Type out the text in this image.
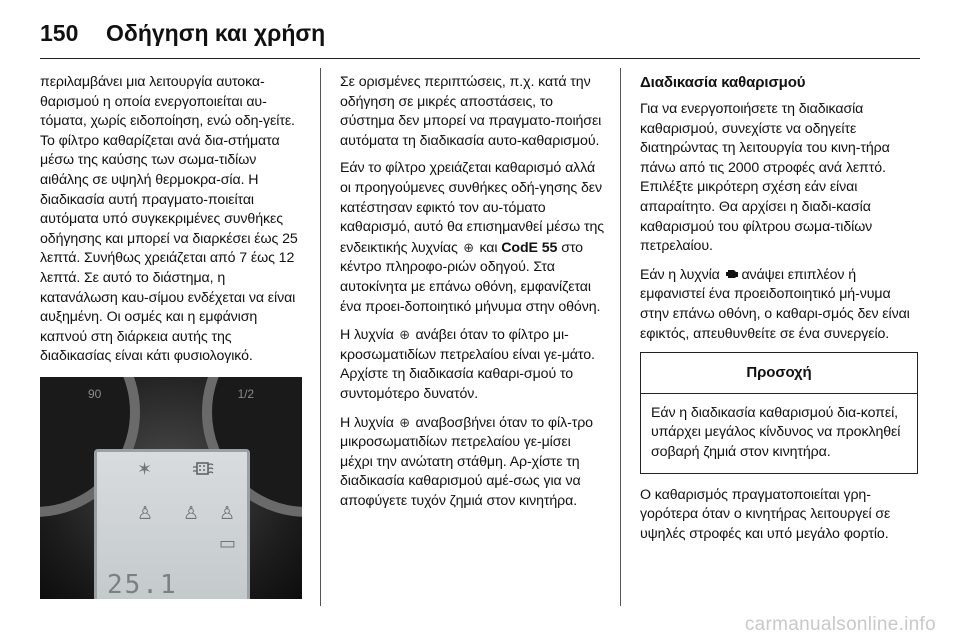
150	Οδήγηση και χρήση

περιλαμβάνει μια λειτουργία αυτοκα-θαρισμού η οποία ενεργοποιείται αυ-τόματα, χωρίς ειδοποίηση, ενώ οδη-γείτε. Το φίλτρο καθαρίζεται ανά δια-στήματα μέσω της καύσης των σωμα-τιδίων αιθάλης σε υψηλή θερμοκρα-σία. Η διαδικασία αυτή πραγματο-ποιείται αυτόματα υπό συγκεκριμένες συνθήκες οδήγησης και μπορεί να διαρκέσει έως 25 λεπτά. Συνήθως χρειάζεται από 7 έως 12 λεπτά. Σε αυτό το διάστημα, η κατανάλωση καυ-σίμου ενδέχεται να είναι αυξημένη. Οι οσμές και η εμφάνιση καπνού στη διάρκεια αυτής της διαδικασίας είναι κάτι φυσιολογικό.

90	1/2
✶
♙ ♙ ♙
▭
25.1

Σε ορισμένες περιπτώσεις, π.χ. κατά την οδήγηση σε μικρές αποστάσεις, το σύστημα δεν μπορεί να πραγματο-ποιήσει αυτόματα τη διαδικασία αυτο-καθαρισμού.

Εάν το φίλτρο χρειάζεται καθαρισμό αλλά οι προηγούμενες συνθήκες οδή-γησης δεν κατέστησαν εφικτό τον αυ-τόματο καθαρισμό, αυτό θα επισημανθεί μέσω της ενδεικτικής λυχνίας ⊕ και CodE 55 στο κέντρο πληροφο-ριών οδηγού. Στα αυτοκίνητα με επάνω οθόνη, εμφανίζεται ένα προει-δοποιητικό μήνυμα στην οθόνη.

Η λυχνία ⊕ ανάβει όταν το φίλτρο μι-κροσωματιδίων πετρελαίου είναι γε-μάτο. Αρχίστε τη διαδικασία καθαρι-σμού το συντομότερο δυνατόν.

Η λυχνία ⊕ αναβοσβήνει όταν το φίλ-τρο μικροσωματιδίων πετρελαίου γε-μίσει μέχρι την ανώτατη στάθμη. Αρ-χίστε τη διαδικασία καθαρισμού αμέ-σως για να αποφύγετε τυχόν ζημιά στον κινητήρα.

Διαδικασία καθαρισμού

Για να ενεργοποιήσετε τη διαδικασία καθαρισμού, συνεχίστε να οδηγείτε διατηρώντας τη λειτουργία του κινη-τήρα πάνω από τις 2000 στροφές ανά λεπτό. Επιλέξτε μικρότερη σχέση εάν είναι απαραίτητο. Θα αρχίσει η διαδι-κασία καθαρισμού του φίλτρου σωμα-τιδίων πετρελαίου.

Εάν η λυχνία ανάψει επιπλέον ή εμφανιστεί ένα προειδοποιητικό μή-νυμα στην επάνω οθόνη, ο καθαρι-σμός δεν είναι εφικτός, απευθυνθείτε σε ένα συνεργείο.

Προσοχή
Εάν η διαδικασία καθαρισμού δια-κοπεί, υπάρχει μεγάλος κίνδυνος να προκληθεί σοβαρή ζημιά στον κινητήρα.

Ο καθαρισμός πραγματοποιείται γρη-γορότερα όταν ο κινητήρας λειτουργεί σε υψηλές στροφές και υπό μεγάλο φορτίο.

carmanualsonline.info
